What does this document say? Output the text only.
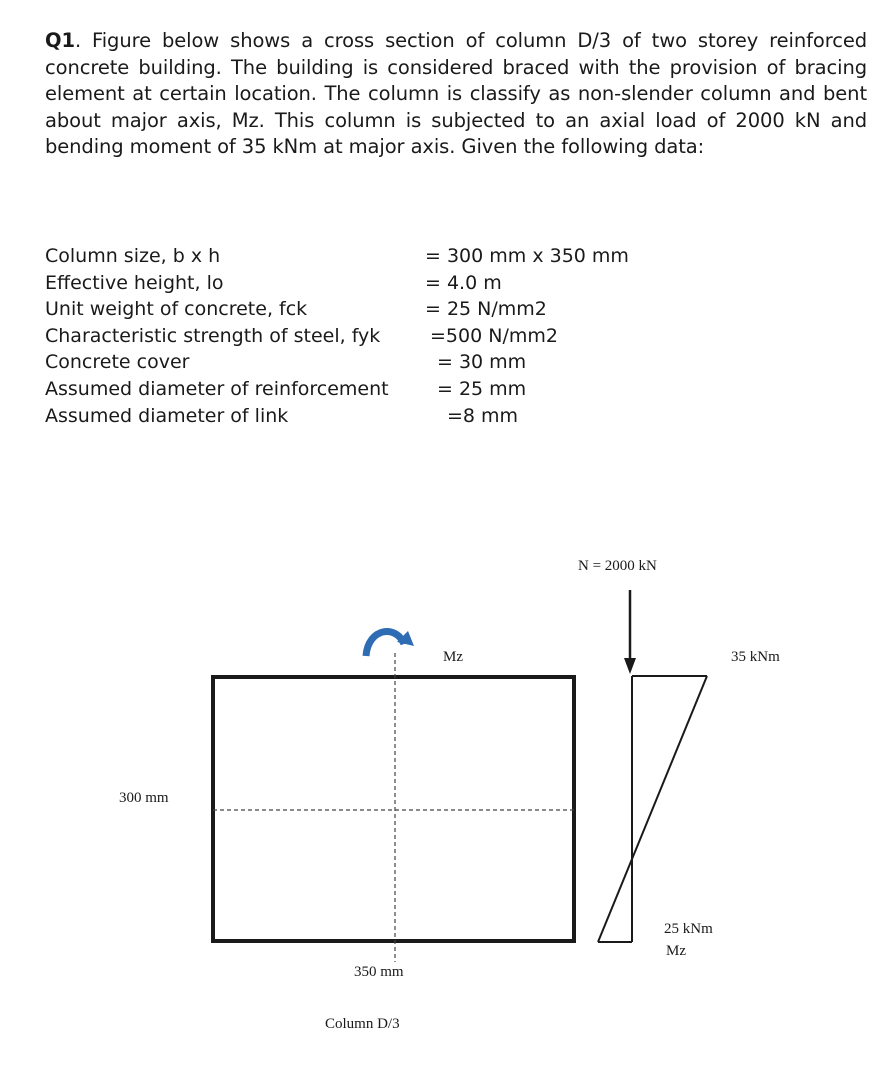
Q1. Figure below shows a cross section of column D/3 of two storey reinforced concrete building. The building is considered braced with the provision of bracing element at certain location. The column is classify as non-slender column and bent about major axis, Mz. This column is subjected to an axial load of 2000 kN and bending moment of 35 kNm at major axis. Given the following data:
Column size, b x h	= 300 mm x 350 mm
Effective height, lo	= 4.0 m
Unit weight of concrete, fck	= 25 N/mm2
Characteristic strength of steel, fyk	=500 N/mm2
Concrete cover	= 30 mm
Assumed diameter of reinforcement	= 25 mm
Assumed diameter of link	=8 mm
Mz
300 mm
350 mm
Column D/3
N = 2000 kN
35 kNm
25 kNm
Mz
